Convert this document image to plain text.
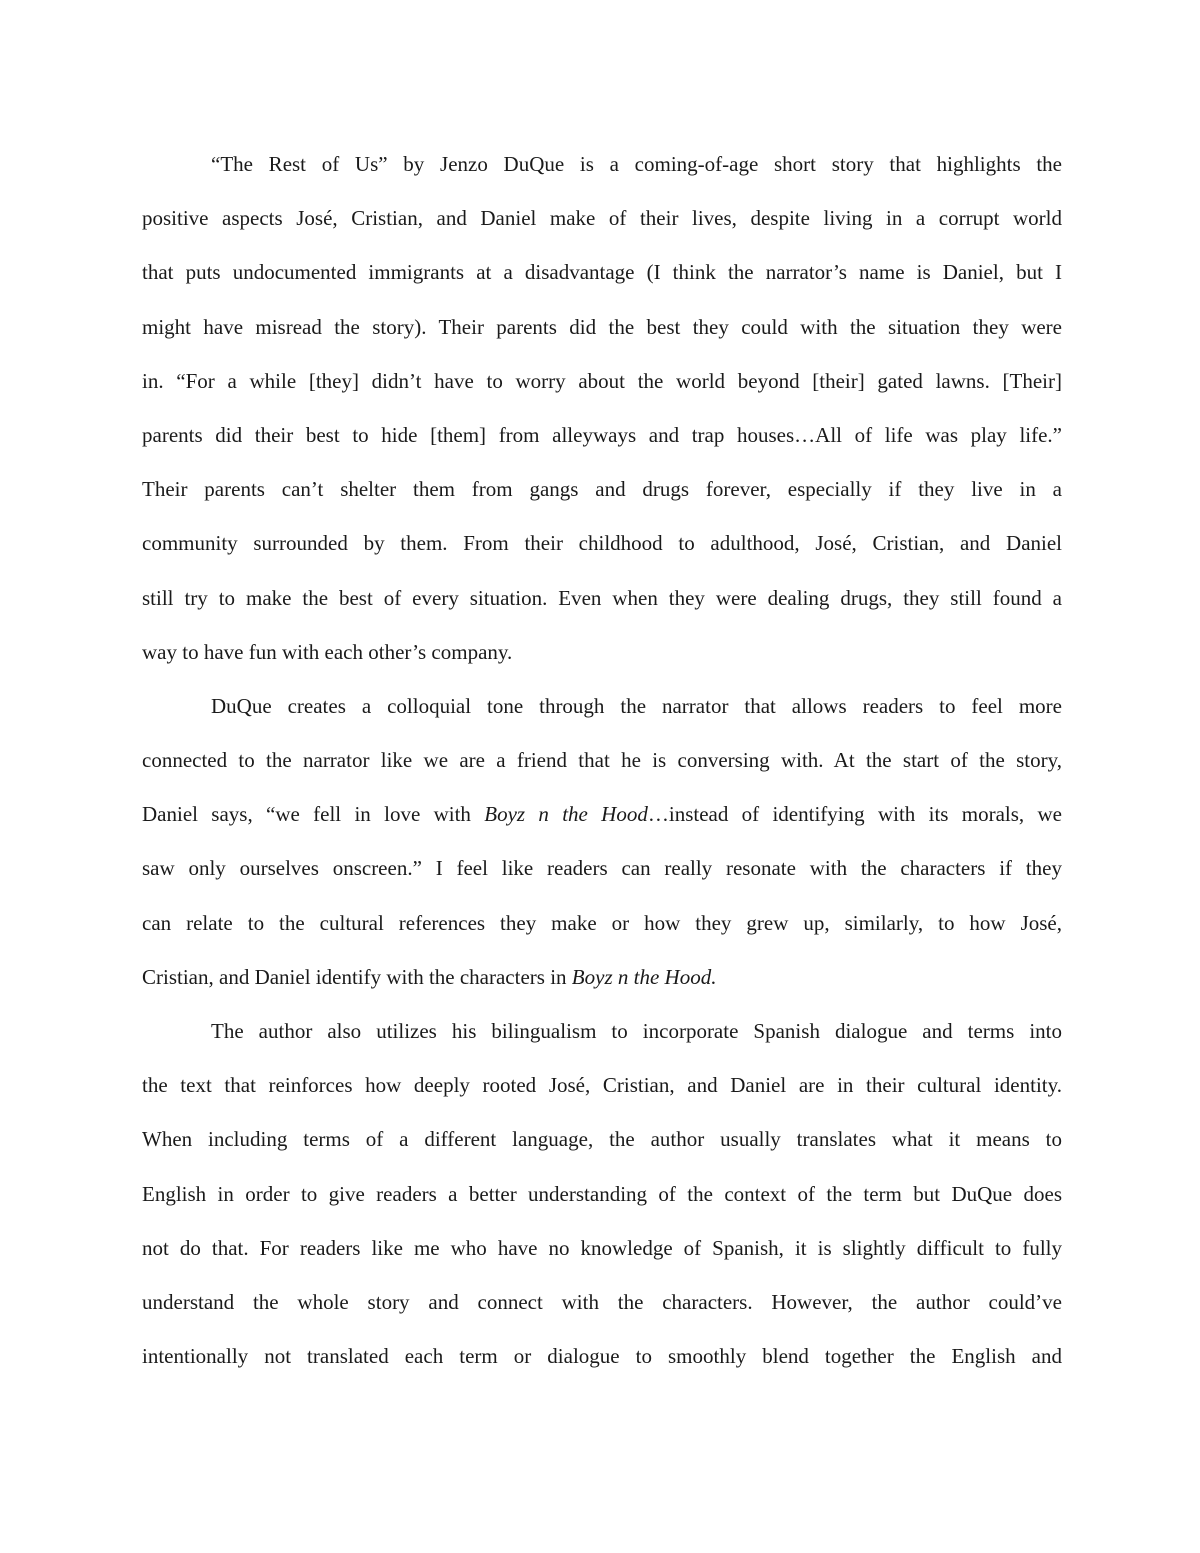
“The Rest of Us” by Jenzo DuQue is a coming-of-age short story that highlights the
positive aspects José, Cristian, and Daniel make of their lives, despite living in a corrupt world
that puts undocumented immigrants at a disadvantage (I think the narrator’s name is Daniel, but I
might have misread the story). Their parents did the best they could with the situation they were
in. “For a while [they] didn’t have to worry about the world beyond [their] gated lawns. [Their]
parents did their best to hide [them] from alleyways and trap houses…All of life was play life.”
Their parents can’t shelter them from gangs and drugs forever, especially if they live in a
community surrounded by them. From their childhood to adulthood, José, Cristian, and Daniel
still try to make the best of every situation. Even when they were dealing drugs, they still found a
way to have fun with each other’s company.
DuQue creates a colloquial tone through the narrator that allows readers to feel more
connected to the narrator like we are a friend that he is conversing with. At the start of the story,
Daniel says, “we fell in love with Boyz n the Hood…instead of identifying with its morals, we
saw only ourselves onscreen.” I feel like readers can really resonate with the characters if they
can relate to the cultural references they make or how they grew up, similarly, to how José,
Cristian, and Daniel identify with the characters in Boyz n the Hood.
The author also utilizes his bilingualism to incorporate Spanish dialogue and terms into
the text that reinforces how deeply rooted José, Cristian, and Daniel are in their cultural identity.
When including terms of a different language, the author usually translates what it means to
English in order to give readers a better understanding of the context of the term but DuQue does
not do that. For readers like me who have no knowledge of Spanish, it is slightly difficult to fully
understand the whole story and connect with the characters. However, the author could’ve
intentionally not translated each term or dialogue to smoothly blend together the English and
